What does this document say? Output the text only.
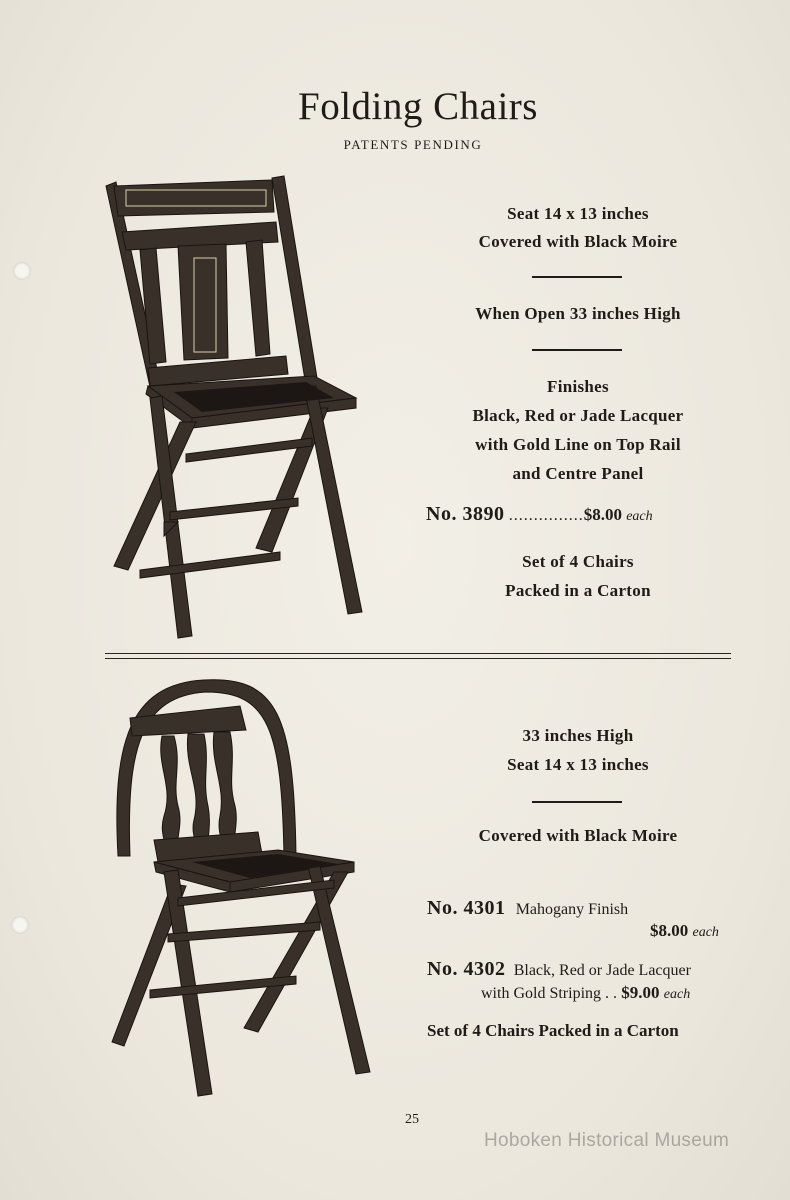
Folding Chairs
PATENTS PENDING
No. 3890 ...............$8.00 each
No. 4301 Mahogany Finish
$8.00 each
No. 4302 Black, Red or Jade Lacquer
with Gold Striping . . $9.00 each
Set of 4 Chairs Packed in a Carton
25
Hoboken Historical Museum
